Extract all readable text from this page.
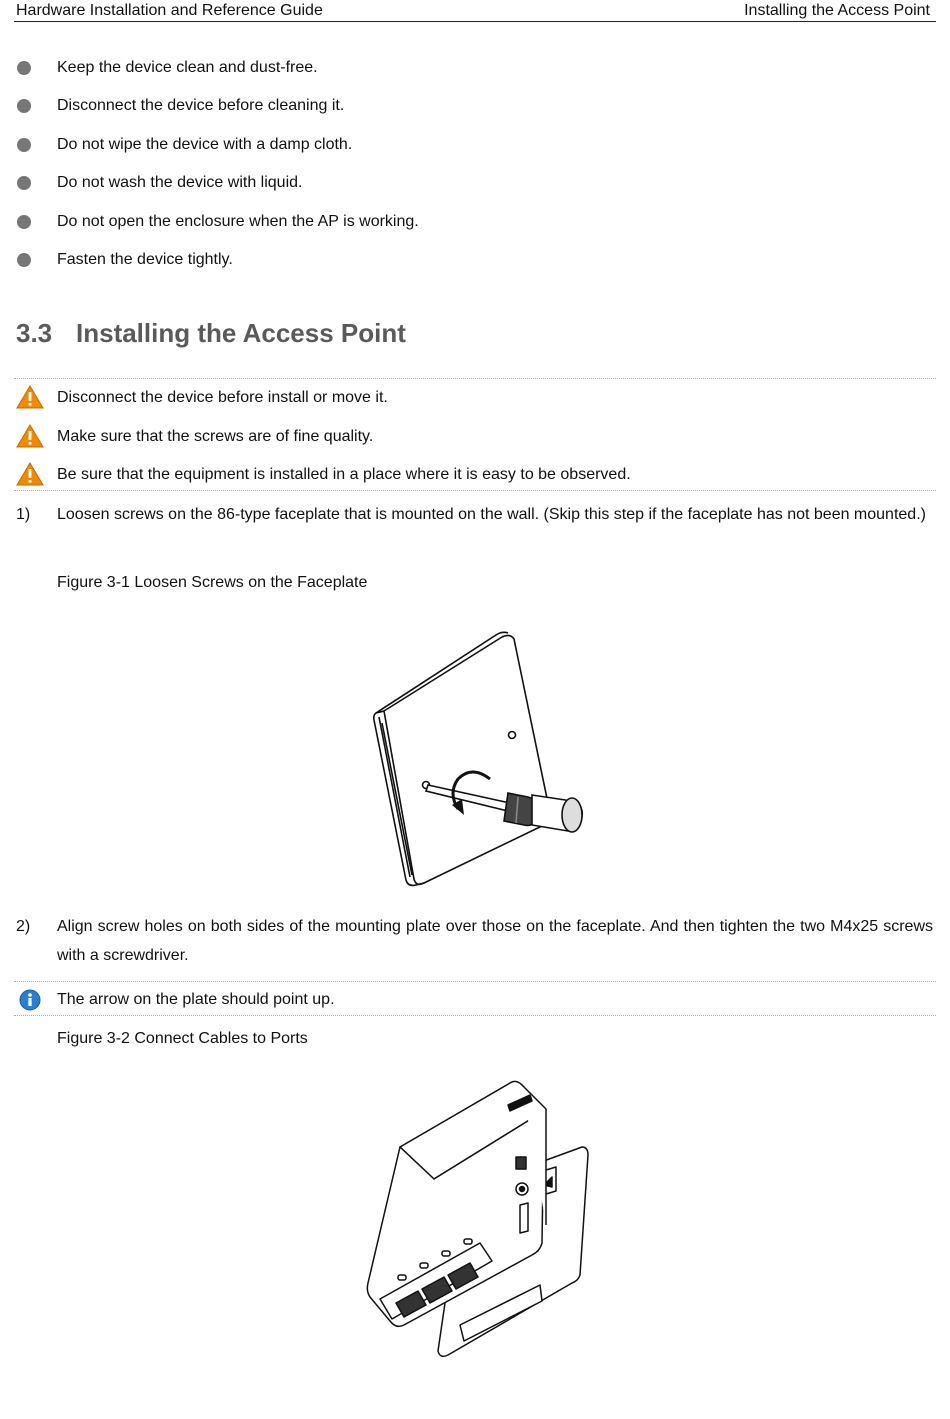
Hardware Installation and Reference Guide	Installing the Access Point
Keep the device clean and dust-free.
Disconnect the device before cleaning it.
Do not wipe the device with a damp cloth.
Do not wash the device with liquid.
Do not open the enclosure when the AP is working.
Fasten the device tightly.
3.3 Installing the Access Point
Disconnect the device before install or move it.
Make sure that the screws are of fine quality.
Be sure that the equipment is installed in a place where it is easy to be observed.
1) Loosen screws on the 86-type faceplate that is mounted on the wall. (Skip this step if the faceplate has not been mounted.)
Figure 3-1 Loosen Screws on the Faceplate
2) Align screw holes on both sides of the mounting plate over those on the faceplate. And then tighten the two M4x25 screws with a screwdriver.
The arrow on the plate should point up.
Figure 3-2 Connect Cables to Ports
